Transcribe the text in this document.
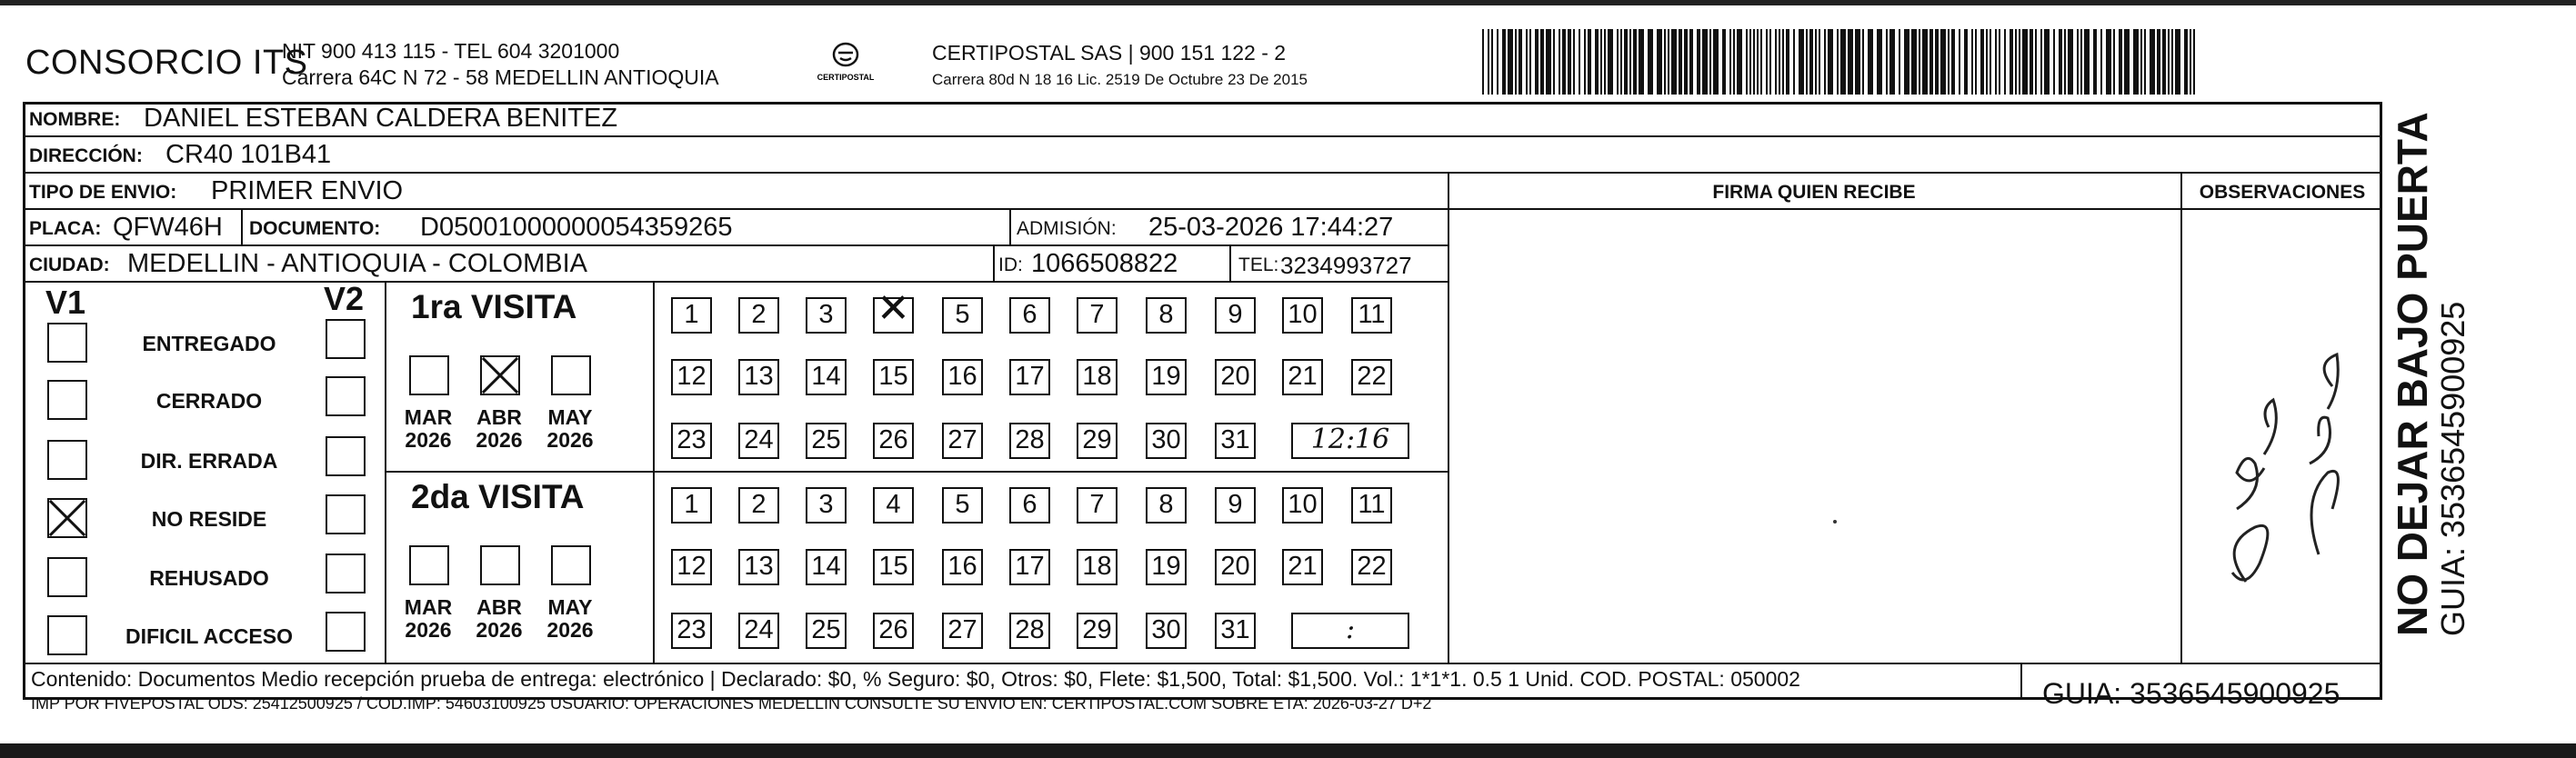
CONSORCIO ITS
NIT 900 413 115 - TEL 604 3201000
Carrera 64C N 72 - 58 MEDELLIN ANTIOQUIA	CERTIPOSTAL
CERTIPOSTAL SAS | 900 151 122 - 2
Carrera 80d N 18 16 Lic. 2519 De Octubre 23 De 2015
NOMBRE: DANIEL ESTEBAN CALDERA BENITEZ
DIRECCIÓN: CR40 101B41
TIPO DE ENVIO: PRIMER ENVIO	FIRMA QUIEN RECIBE	OBSERVACIONES
PLACA: QFW46H DOCUMENTO: D05001000000054359265	ADMISIÓN: 25-03-2026 17:44:27
CIUDAD: MEDELLIN - ANTIOQUIA - COLOMBIA	ID: 1066508822	TEL: 3234993727
V1	V2
ENTREGADO
CERRADO
DIR. ERRADA
NO RESIDE
REHUSADO
DIFICIL ACCESO
1ra VISITA
MAR
2026
ABR
2026
MAY
2026
1	2	3
✕	5	6	7	8	9	10 11
12 13 14 15 16 17 18 19 20 21 22
23 24 25 26 27 28 29 30 31	12:16
2da VISITA
MAR
2026
ABR
2026
MAY
2026
1	2	3	4	5	6	7	8	9	10 11
12 13 14 15 16 17 18 19 20 21 22
23 24 25 26 27 28 29 30 31	:
Contenido: Documentos Medio recepción prueba de entrega: electrónico | Declarado: $0, % Seguro: $0, Otros: $0, Flete: $1,500, Total: $1,500. Vol.: 1*1*1. 0.5 1 Unid. COD. POSTAL: 050002
IMP POR FIVEPOSTAL ODS: 25412500925 / COD.IMP: 54603100925 USUARIO: OPERACIONES MEDELLIN CONSULTE SU ENVIO EN: CERTIPOSTAL.COM SOBRE ETA: 2026-03-27 D+2	GUIA: 3536545900925
NO DEJAR BAJO PUERTA
GUIA: 3536545900925
